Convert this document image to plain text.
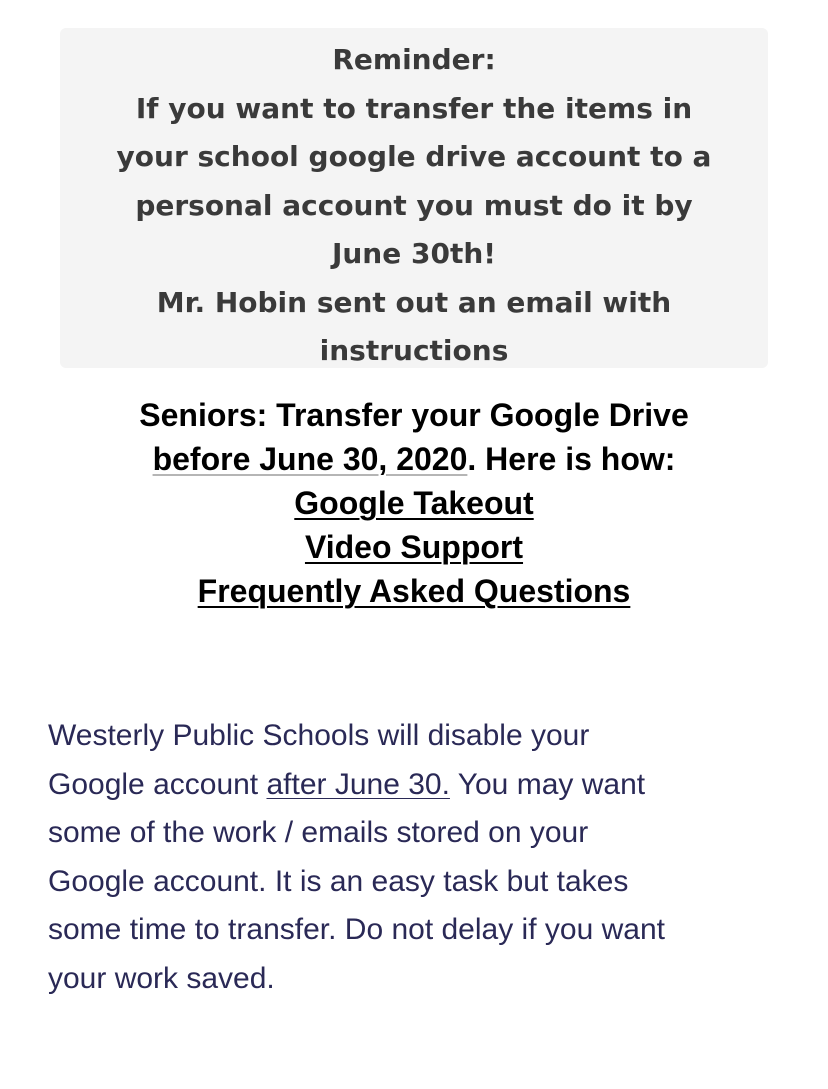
Reminder:
If you want to transfer the items in
your school google drive account to a
personal account you must do it by
June 30th!
Mr. Hobin sent out an email with
instructions
Seniors: Transfer your Google Drive
before June 30, 2020. Here is how:
Google Takeout
Video Support
Frequently Asked Questions
Westerly Public Schools will disable your
Google account after June 30. You may want
some of the work / emails stored on your
Google account. It is an easy task but takes
some time to transfer. Do not delay if you want
your work saved.
